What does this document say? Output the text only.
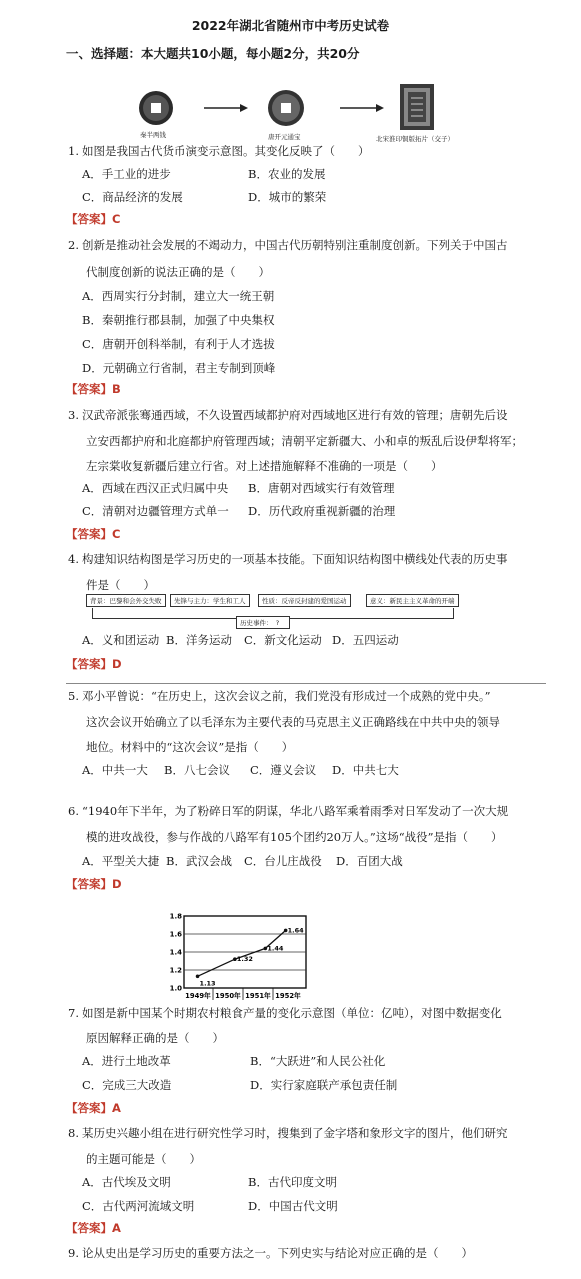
2022年湖北省随州市中考历史试卷
一、选择题：本大题共10小题，每小题2分，共20分
秦半两钱	唐开元通宝	北宋淮印铜版拓片（交子）
1. 如图是我国古代货币演变示意图。其变化反映了（　　）
A．手工业的进步	B．农业的发展
C．商品经济的发展	D．城市的繁荣
【答案】C
2. 创新是推动社会发展的不竭动力，中国古代历朝特别注重制度创新。下列关于中国古
代制度创新的说法正确的是（　　）
A．西周实行分封制，建立大一统王朝
B．秦朝推行郡县制，加强了中央集权
C．唐朝开创科举制，有利于人才选拔
D．元朝确立行省制，君主专制到顶峰
【答案】B
3. 汉武帝派张骞通西域，不久设置西域都护府对西域地区进行有效的管理；唐朝先后设
立安西都护府和北庭都护府管理西域；清朝平定新疆大、小和卓的叛乱后设伊犁将军；
左宗棠收复新疆后建立行省。对上述措施解释不准确的一项是（　　）
A．西域在西汉正式归属中央 B．唐朝对西域实行有效管理
C．清朝对边疆管理方式单一 D．历代政府重视新疆的治理
【答案】C
4. 构建知识结构图是学习历史的一项基本技能。下面知识结构图中横线处代表的历史事
件是（　　）
背景：巴黎和会外交失败	先锋与主力：学生和工人	性质：反帝反封建的爱国运动	意义：新民主主义革命的开端
历史事件：　?　
A．义和团运动 B．洋务运动 C．新文化运动 D．五四运动
【答案】D
5. 邓小平曾说：“在历史上，这次会议之前，我们党没有形成过一个成熟的党中央。”
这次会议开始确立了以毛泽东为主要代表的马克思主义正确路线在中共中央的领导
地位。材料中的“这次会议”是指（　　）
A．中共一大 B．八七会议 C．遵义会议 D．中共七大
6. “1940年下半年，为了粉碎日军的阴谋，华北八路军乘着雨季对日军发动了一次大规
模的进攻战役，参与作战的八路军有105个团约20万人。”这场“战役”是指（　　）
A．平型关大捷 B．武汉会战 C．台儿庄战役 D．百团大战
【答案】D
1.0
1.2
1.4
1.6
1.8
1.13
1.32
1.44
1.64
1949年 1950年 1951年 1952年
7. 如图是新中国某个时期农村粮食产量的变化示意图（单位：亿吨），对图中数据变化
原因解释正确的是（　　）
A．进行土地改革	B．“大跃进”和人民公社化
C．完成三大改造	D．实行家庭联产承包责任制
【答案】A
8. 某历史兴趣小组在进行研究性学习时，搜集到了金字塔和象形文字的图片，他们研究
的主题可能是（　　）
A．古代埃及文明	B．古代印度文明
C．古代两河流域文明	D．中国古代文明
【答案】A
9. 论从史出是学习历史的重要方法之一。下列史实与结论对应正确的是（　　）
